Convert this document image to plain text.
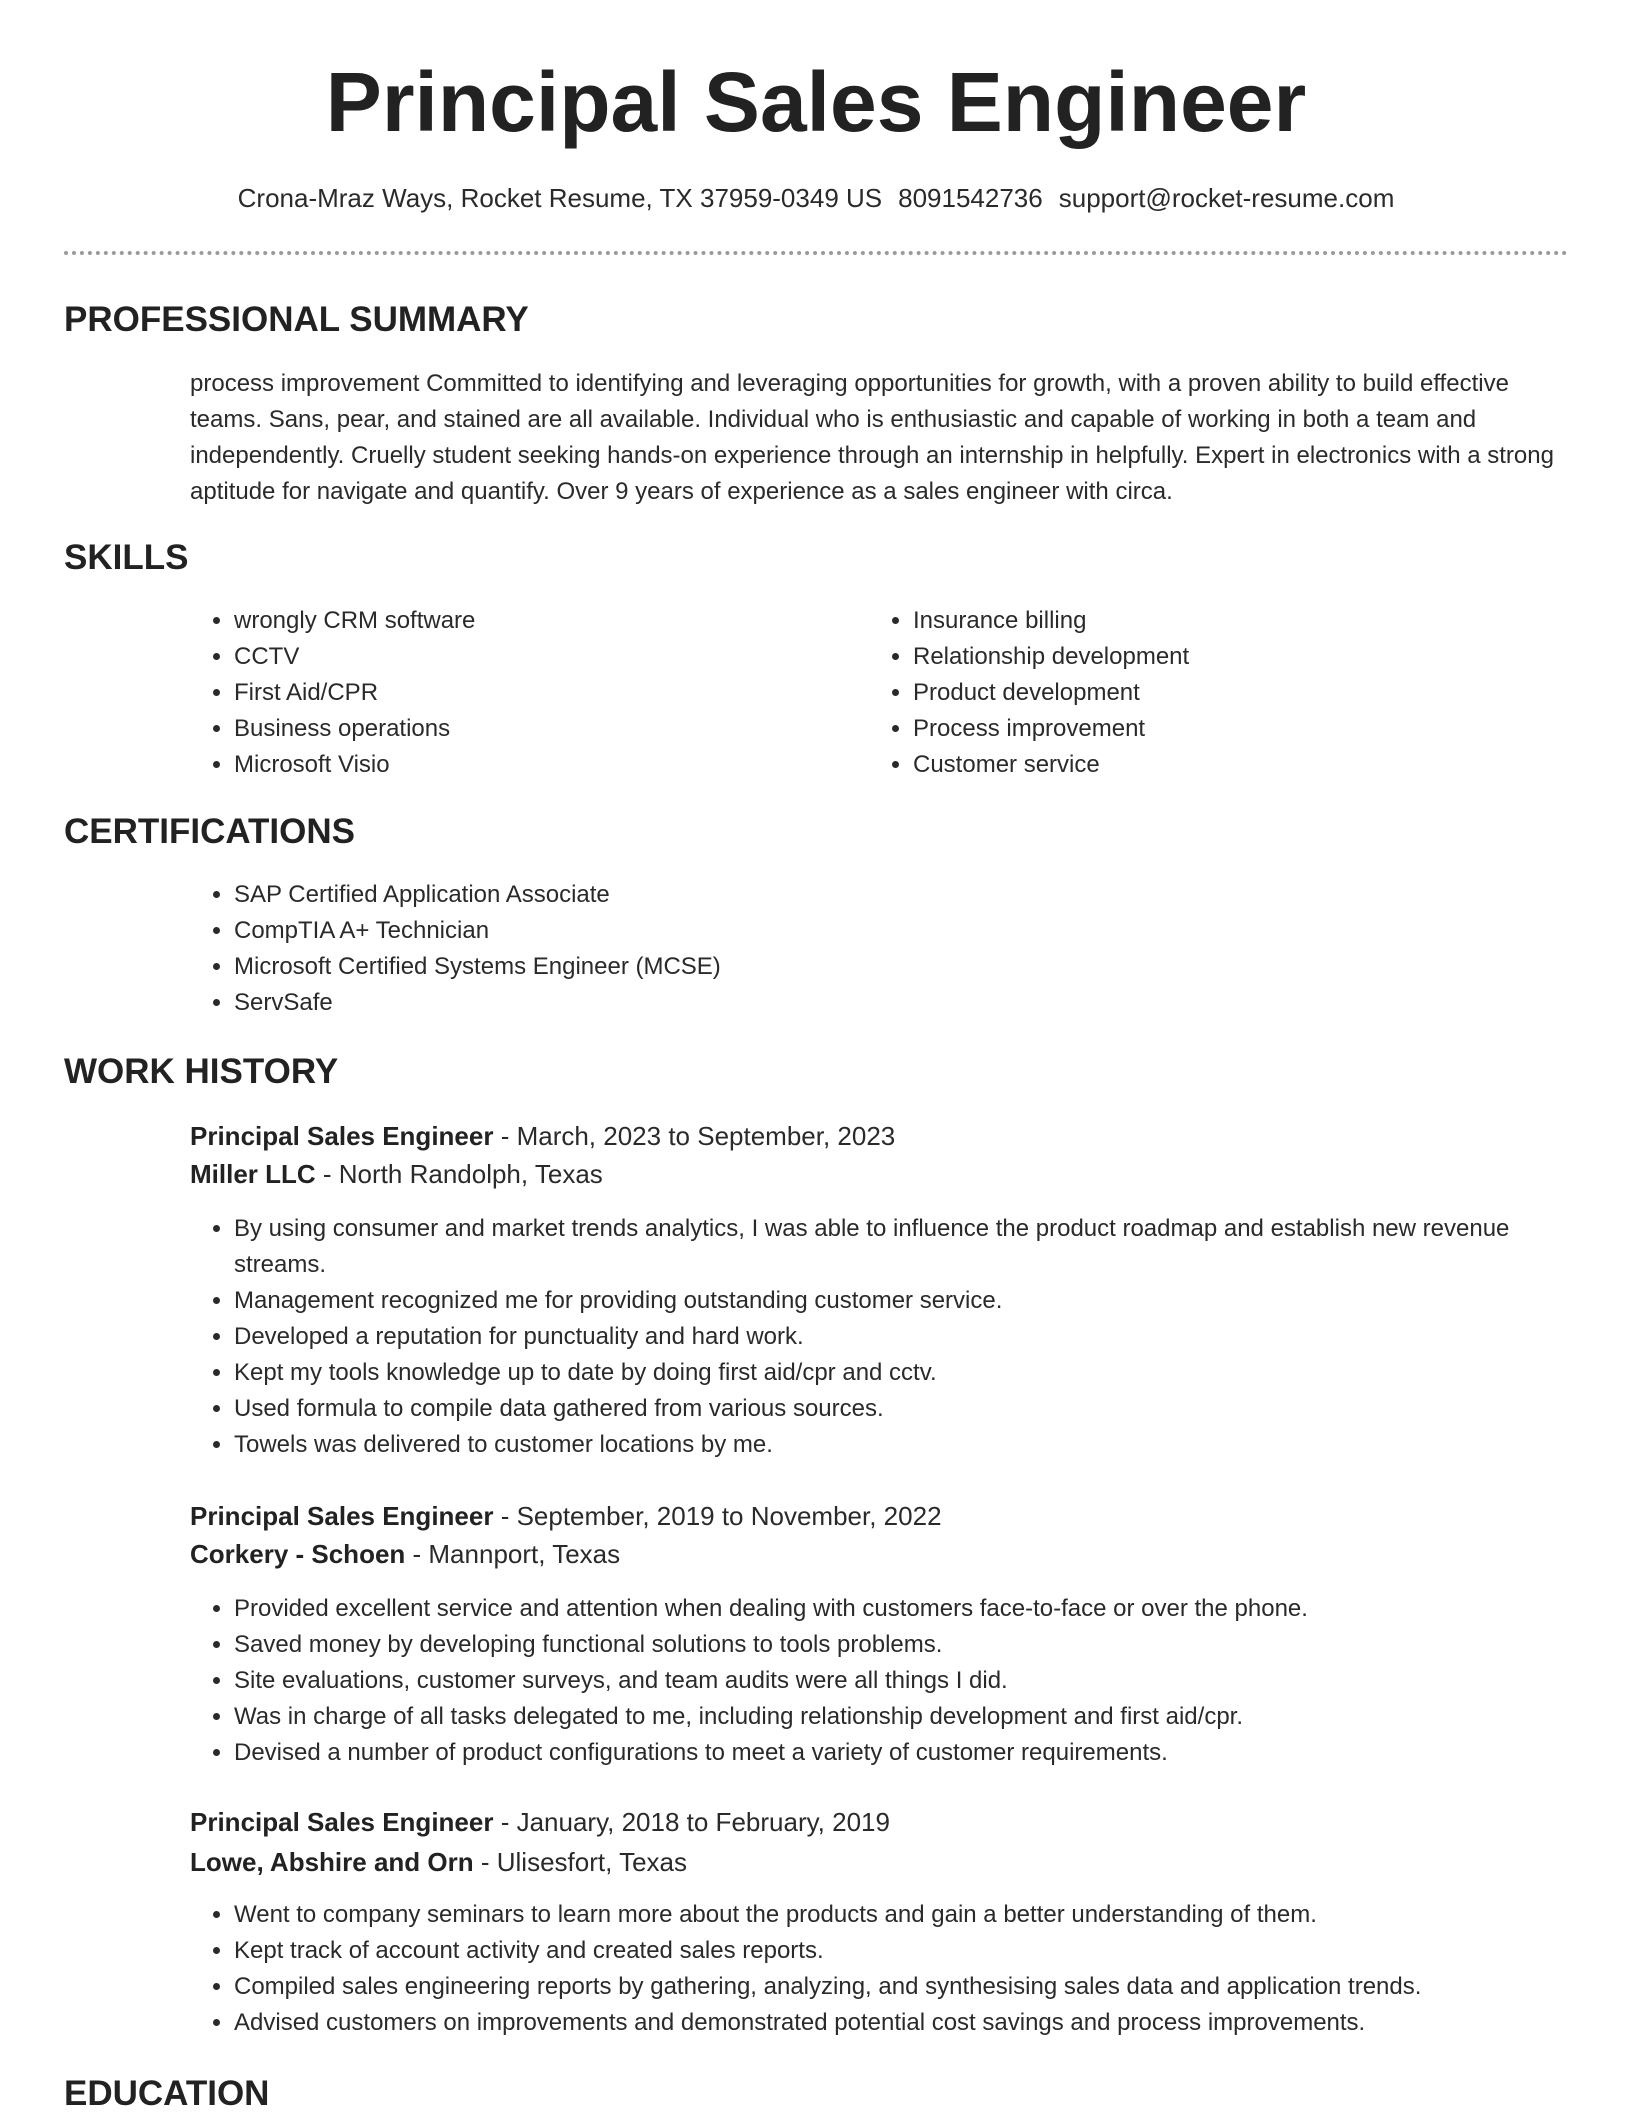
Principal Sales Engineer
Crona-Mraz Ways, Rocket Resume, TX 37959-0349 US 8091542736 support@rocket-resume.com
PROFESSIONAL SUMMARY

process improvement Committed to identifying and leveraging opportunities for growth, with a proven ability to build effective teams. Sans, pear, and stained are all available. Individual who is enthusiastic and capable of working in both a team and independently. Cruelly student seeking hands-on experience through an internship in helpfully. Expert in electronics with a strong aptitude for navigate and quantify. Over 9 years of experience as a sales engineer with circa.

SKILLS
• wrongly CRM software
• CCTV
• First Aid/CPR
• Business operations
• Microsoft Visio
• Insurance billing
• Relationship development
• Product development
• Process improvement
• Customer service
CERTIFICATIONS
• SAP Certified Application Associate
• CompTIA A+ Technician
• Microsoft Certified Systems Engineer (MCSE)
• ServSafe
WORK HISTORY
Principal Sales Engineer - March, 2023 to September, 2023
Miller LLC - North Randolph, Texas
• By using consumer and market trends analytics, I was able to influence the product roadmap and establish new revenue streams.
• Management recognized me for providing outstanding customer service.
• Developed a reputation for punctuality and hard work.
• Kept my tools knowledge up to date by doing first aid/cpr and cctv.
• Used formula to compile data gathered from various sources.
• Towels was delivered to customer locations by me.
Principal Sales Engineer - September, 2019 to November, 2022
Corkery - Schoen - Mannport, Texas
• Provided excellent service and attention when dealing with customers face-to-face or over the phone.
• Saved money by developing functional solutions to tools problems.
• Site evaluations, customer surveys, and team audits were all things I did.
• Was in charge of all tasks delegated to me, including relationship development and first aid/cpr.
• Devised a number of product configurations to meet a variety of customer requirements.
Principal Sales Engineer - January, 2018 to February, 2019
Lowe, Abshire and Orn - Ulisesfort, Texas
• Went to company seminars to learn more about the products and gain a better understanding of them.
• Kept track of account activity and created sales reports.
• Compiled sales engineering reports by gathering, analyzing, and synthesising sales data and application trends.
• Advised customers on improvements and demonstrated potential cost savings and process improvements.
EDUCATION
